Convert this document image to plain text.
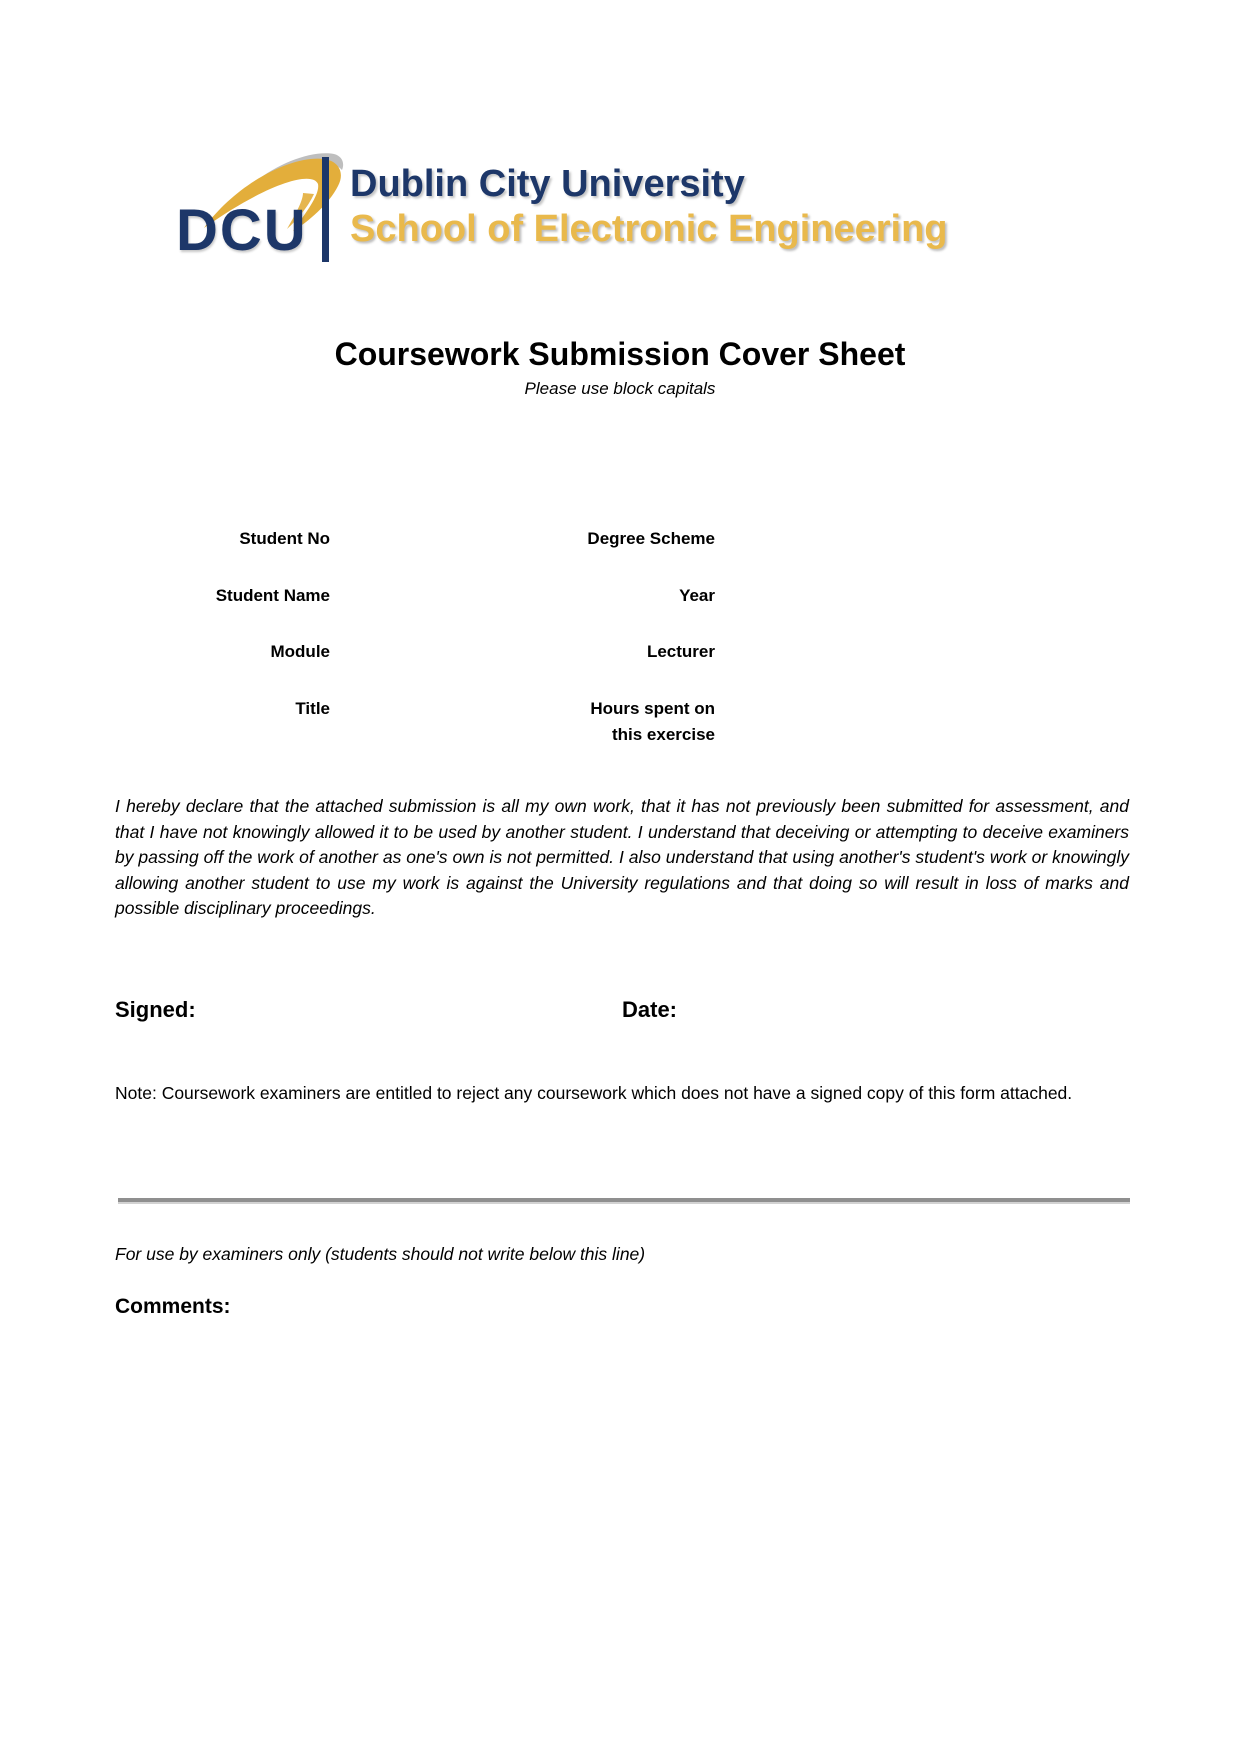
DCU
Dublin City University
School of Electronic Engineering
Coursework Submission Cover Sheet
Please use block capitals
Student No	Degree Scheme
Student Name	Year
Module	Lecturer
Title	Hours spent on
this exercise
I hereby declare that the attached submission is all my own work, that it has not previously been submitted for assessment, and that I have not knowingly allowed it to be used by another student. I understand that deceiving or attempting to deceive examiners by passing off the work of another as one's own is not permitted. I also understand that using another's student's work or knowingly allowing another student to use my work is against the University regulations and that doing so will result in loss of marks and possible disciplinary proceedings.
Signed:	Date:
Note: Coursework examiners are entitled to reject any coursework which does not have a signed copy of this form attached.
For use by examiners only (students should not write below this line)
Comments:
